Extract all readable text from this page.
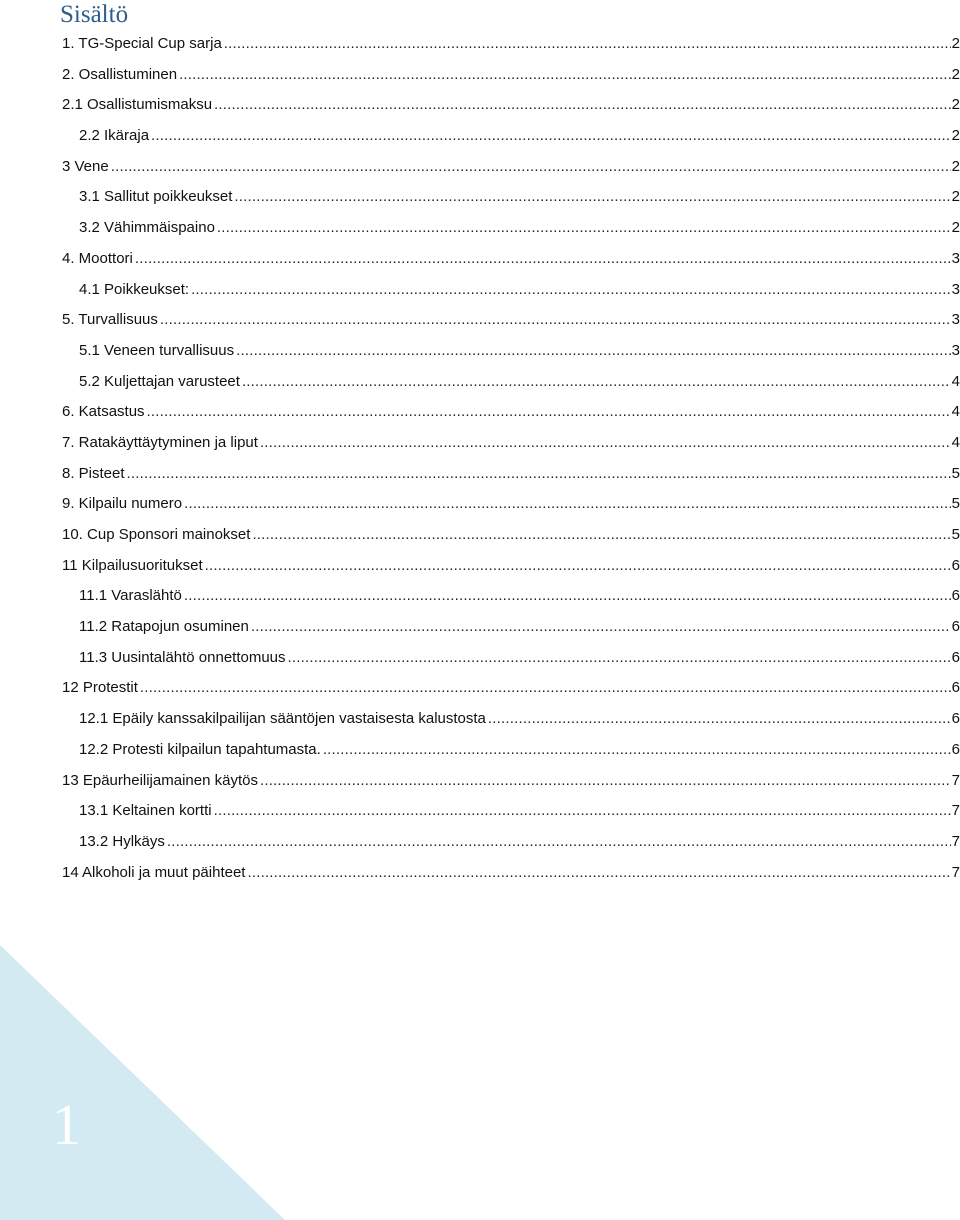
Sisältö
1. TG-Special Cup sarja .....	2
2. Osallistuminen .....	2
2.1 Osallistumismaksu .....	2
2.2 Ikäraja .....	2
3 Vene .....	2
3.1 Sallitut poikkeukset .....	2
3.2 Vähimmäispaino .....	2
4. Moottori .....	3
4.1 Poikkeukset: .....	3
5. Turvallisuus .....	3
5.1 Veneen turvallisuus .....	3
5.2 Kuljettajan varusteet .....	4
6. Katsastus .....	4
7. Ratakäyttäytyminen ja liput .....	4
8. Pisteet .....	5
9. Kilpailu numero .....	5
10. Cup Sponsori mainokset .....	5
11 Kilpailusuoritukset .....	6
11.1 Varaslähtö .....	6
11.2 Ratapojun osuminen .....	6
11.3 Uusintalähtö onnettomuus .....	6
12 Protestit .....	6
12.1 Epäily kanssakilpailijan sääntöjen vastaisesta kalustosta .....	6
12.2 Protesti kilpailun tapahtumasta. .....	6
13 Epäurheilijamainen käytös .....	7
13.1 Keltainen kortti .....	7
13.2 Hylkäys .....	7
14 Alkoholi ja muut päihteet .....	7
1
